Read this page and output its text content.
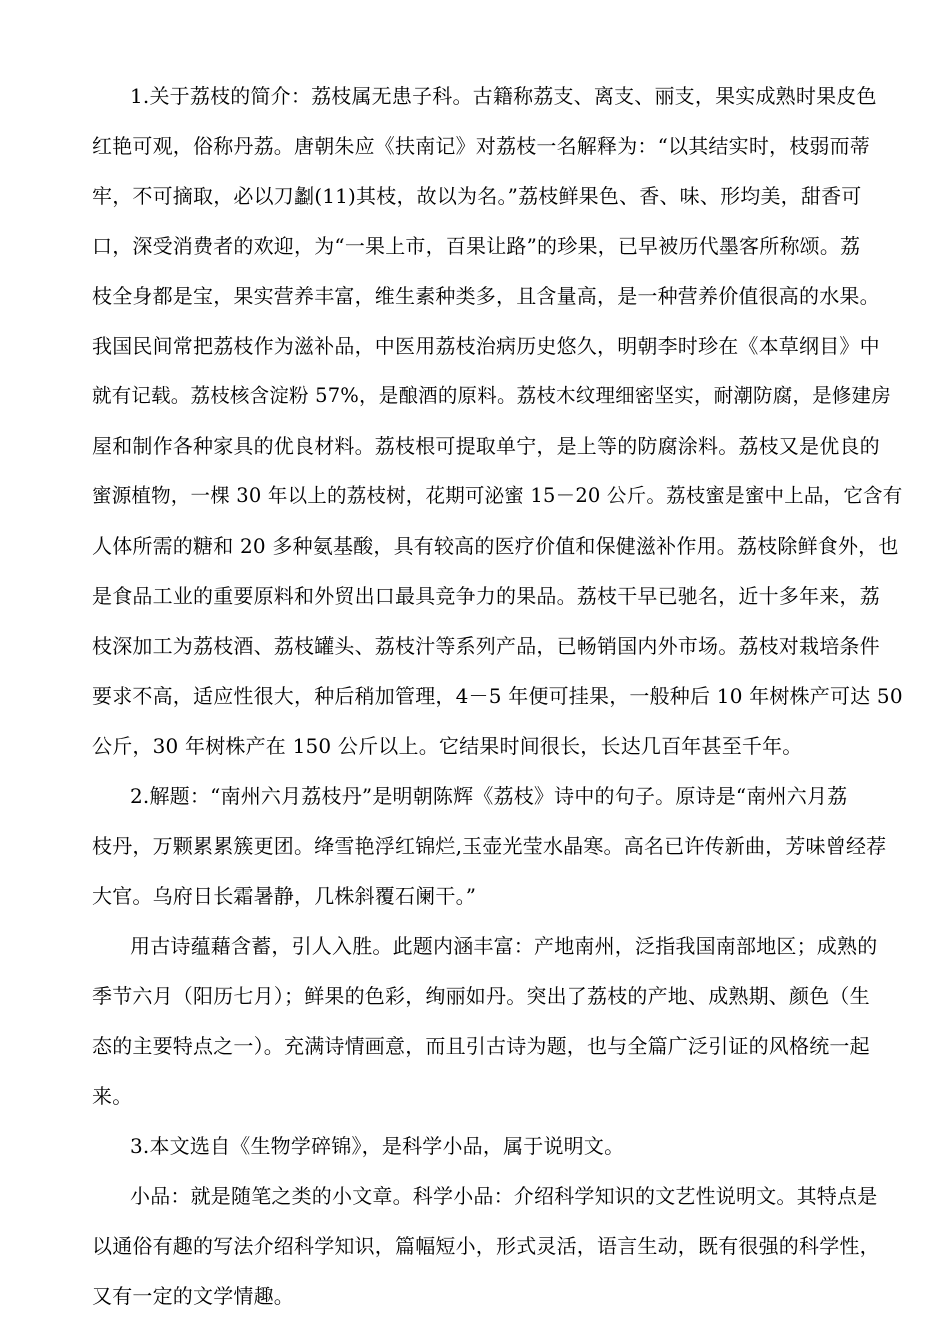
1.关于荔枝的简介：荔枝属无患子科。古籍称荔支、离支、丽支，果实成熟时果皮色
红艳可观，俗称丹荔。唐朝朱应《扶南记》对荔枝一名解释为：“以其结实时，枝弱而蒂
牢，不可摘取，必以刀劙(11)其枝，故以为名。”荔枝鲜果色、香、味、形均美，甜香可
口，深受消费者的欢迎，为“一果上市，百果让路”的珍果，已早被历代墨客所称颂。荔
枝全身都是宝，果实营养丰富，维生素种类多，且含量高，是一种营养价值很高的水果。
我国民间常把荔枝作为滋补品，中医用荔枝治病历史悠久，明朝李时珍在《本草纲目》中
就有记载。荔枝核含淀粉 57%，是酿酒的原料。荔枝木纹理细密坚实，耐潮防腐，是修建房
屋和制作各种家具的优良材料。荔枝根可提取单宁，是上等的防腐涂料。荔枝又是优良的
蜜源植物，一棵 30 年以上的荔枝树，花期可泌蜜 15－20 公斤。荔枝蜜是蜜中上品，它含有
人体所需的糖和 20 多种氨基酸，具有较高的医疗价值和保健滋补作用。荔枝除鲜食外，也
是食品工业的重要原料和外贸出口最具竞争力的果品。荔枝干早已驰名，近十多年来，荔
枝深加工为荔枝酒、荔枝罐头、荔枝汁等系列产品，已畅销国内外市场。荔枝对栽培条件
要求不高，适应性很大，种后稍加管理，4－5 年便可挂果，一般种后 10 年树株产可达 50
公斤，30 年树株产在 150 公斤以上。它结果时间很长，长达几百年甚至千年。
2.解题：“南州六月荔枝丹”是明朝陈辉《荔枝》诗中的句子。原诗是“南州六月荔
枝丹，万颗累累簇更团。绛雪艳浮红锦烂,玉壶光莹水晶寒。高名已许传新曲，芳味曾经荐
大官。乌府日长霜暑静，几株斜覆石阑干。”
用古诗蕴藉含蓄，引人入胜。此题内涵丰富：产地南州，泛指我国南部地区；成熟的
季节六月（阳历七月）；鲜果的色彩，绚丽如丹。突出了荔枝的产地、成熟期、颜色（生
态的主要特点之一）。充满诗情画意，而且引古诗为题，也与全篇广泛引证的风格统一起
来。
3.本文选自《生物学碎锦》，是科学小品，属于说明文。
小品：就是随笔之类的小文章。科学小品：介绍科学知识的文艺性说明文。其特点是
以通俗有趣的写法介绍科学知识，篇幅短小，形式灵活，语言生动，既有很强的科学性，
又有一定的文学情趣。
